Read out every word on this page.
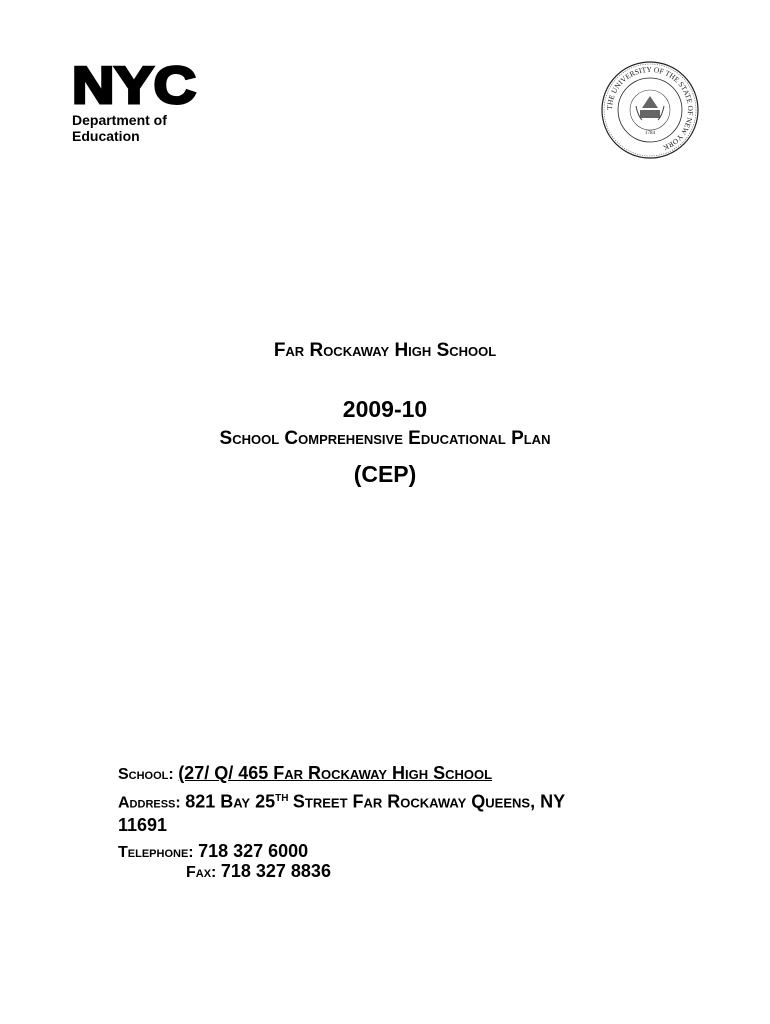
NYC
Department of
Education
THE UNIVERSITY OF THE STATE OF NEW YORK
1784
Far Rockaway High School
2009-10
School Comprehensive Educational Plan
(CEP)
School: (27/ Q/ 465 Far Rockaway High School
Address: 821 Bay 25TH Street Far Rockaway Queens, NY
11691
Telephone: 718 327 6000
Fax: 718 327 8836
